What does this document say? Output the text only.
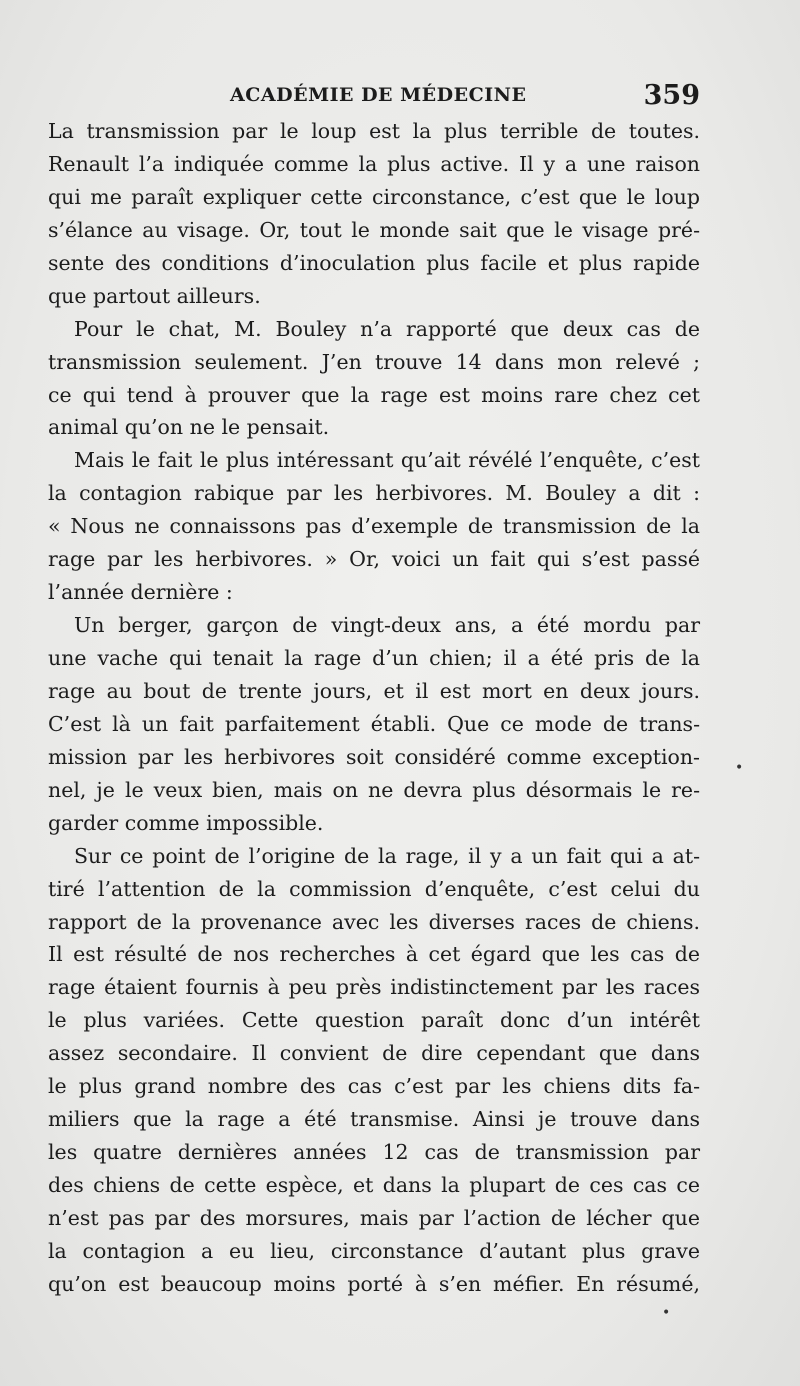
ACADÉMIE DE MÉDECINE	359
La transmission par le loup est la plus terrible de toutes.
Renault l’a indiquée comme la plus active. Il y a une raison
qui me paraît expliquer cette circonstance, c’est que le loup
s’élance au visage. Or, tout le monde sait que le visage pré-
sente des conditions d’inoculation plus facile et plus rapide
que partout ailleurs.
Pour le chat, M. Bouley n’a rapporté que deux cas de
transmission seulement. J’en trouve 14 dans mon relevé ;
ce qui tend à prouver que la rage est moins rare chez cet
animal qu’on ne le pensait.
Mais le fait le plus intéressant qu’ait révélé l’enquête, c’est
la contagion rabique par les herbivores. M. Bouley a dit :
« Nous ne connaissons pas d’exemple de transmission de la
rage par les herbivores. » Or, voici un fait qui s’est passé
l’année dernière :
Un berger, garçon de vingt-deux ans, a été mordu par
une vache qui tenait la rage d’un chien; il a été pris de la
rage au bout de trente jours, et il est mort en deux jours.
C’est là un fait parfaitement établi. Que ce mode de trans-
mission par les herbivores soit considéré comme exception-
nel, je le veux bien, mais on ne devra plus désormais le re-
garder comme impossible.
Sur ce point de l’origine de la rage, il y a un fait qui a at-
tiré l’attention de la commission d’enquête, c’est celui du
rapport de la provenance avec les diverses races de chiens.
Il est résulté de nos recherches à cet égard que les cas de
rage étaient fournis à peu près indistinctement par les races
le plus variées. Cette question paraît donc d’un intérêt
assez secondaire. Il convient de dire cependant que dans
le plus grand nombre des cas c’est par les chiens dits fa-
miliers que la rage a été transmise. Ainsi je trouve dans
les quatre dernières années 12 cas de transmission par
des chiens de cette espèce, et dans la plupart de ces cas ce
n’est pas par des morsures, mais par l’action de lécher que
la contagion a eu lieu, circonstance d’autant plus grave
qu’on est beaucoup moins porté à s’en méfier. En résumé,
•
•
